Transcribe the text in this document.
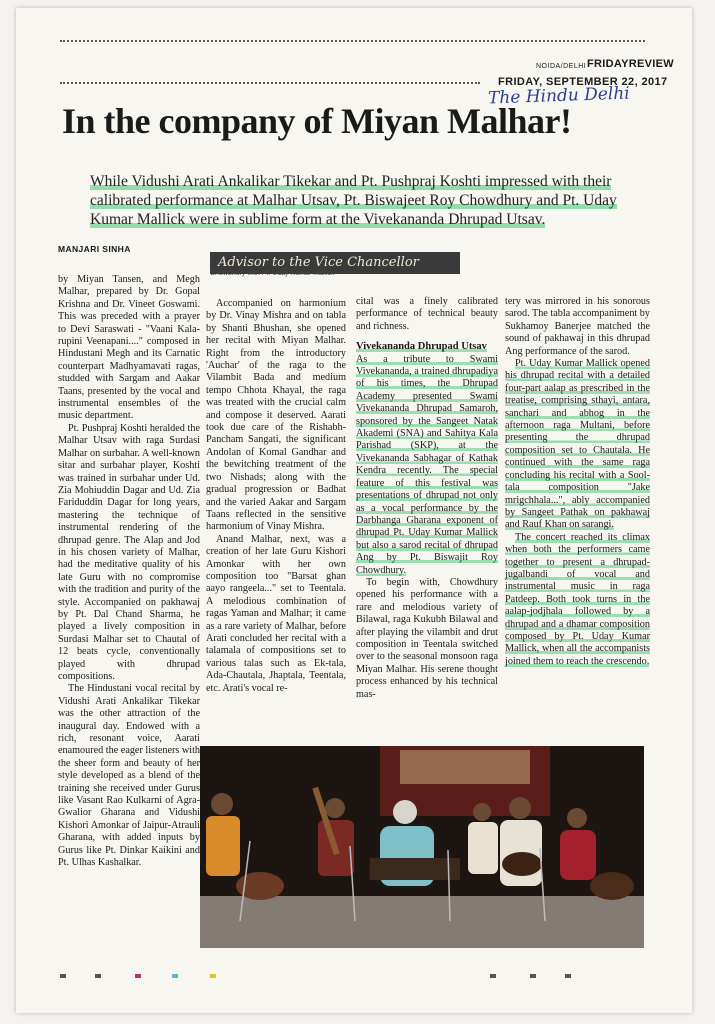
NOIDA/DELHI FRIDAYREVIEW
FRIDAY, SEPTEMBER 22, 2017
The Hindu Delhi
In the company of Miyan Malhar!
While Vidushi Arati Ankalikar Tikekar and Pt. Pushpraj Koshti impressed with their calibrated performance at Malhar Utsav, Pt. Biswajeet Roy Chowdhury and Pt. Uday Kumar Mallick were in sublime form at the Vivekananda Dhrupad Utsav.
MANJARI SINHA
Advisor to the Vice Chancellor
Chowdhury with Pt. Uday Kumar Mallick

by Miyan Tansen, and Megh Malhar, prepared by Dr. Gopal Krishna and Dr. Vineet Goswami. This was preceded with a prayer to Devi Saraswati - "Vaani Kala-rupini Veenapani...." composed in Hindustani Megh and its Carnatic counterpart Madhyamavati ragas, studded with Sargam and Aakar Taans, presented by the vocal and instrumental ensembles of the music department.

Pt. Pushpraj Koshti heralded the Malhar Utsav with raga Surdasi Malhar on surbahar. A well-known sitar and surbahar player, Koshti was trained in surbahar under Ud. Zia Mohiuddin Dagar and Ud. Zia Fariduddin Dagar for long years, mastering the technique of instrumental rendering of the dhrupad genre. The Alap and Jod in his chosen variety of Malhar, had the meditative quality of his late Guru with no compromise with the tradition and purity of the style. Accompanied on pakhawaj by Pt. Dal Chand Sharma, he played a lively composition in Surdasi Malhar set to Chautal of 12 beats cycle, conventionally played with dhrupad compositions.

The Hindustani vocal recital by Vidushi Arati Ankalikar Tikekar was the other attraction of the inaugural day. Endowed with a rich, resonant voice, Aarati enamoured the eager listeners with the sheer form and beauty of her style developed as a blend of the training she received under Gurus like Vasant Rao Kulkarni of Agra-Gwalior Gharana and Vidushi Kishori Amonkar of Jaipur-Atrauli Gharana, with added inputs by Gurus like Pt. Dinkar Kaikini and Pt. Ulhas Kashalkar.

Accompanied on harmonium by Dr. Vinay Mishra and on tabla by Shanti Bhushan, she opened her recital with Miyan Malhar. Right from the introductory 'Auchar' of the raga to the Vilambit Bada and medium tempo Chhota Khayal, the raga was treated with the crucial calm and compose it deserved. Aarati took due care of the Rishabh-Pancham Sangati, the significant Andolan of Komal Gandhar and the bewitching treatment of the two Nishads; along with the gradual progression or Badhat and the varied Aakar and Sargam Taans reflected in the sensitive harmonium of Vinay Mishra.

Anand Malhar, next, was a creation of her late Guru Kishori Amonkar with her own composition too "Barsat ghan aayo rangeela..." set to Teentala. A melodious combination of ragas Yaman and Malhar; it came as a rare variety of Malhar, before Arati concluded her recital with a talamala of compositions set to various talas such as Ek-tala, Ada-Chautala, Jhaptala, Teentala, etc. Arati's vocal re-

cital was a finely calibrated performance of technical beauty and richness.

Vivekananda Dhrupad Utsav

As a tribute to Swami Vivekananda, a trained dhrupadiya of his times, the Dhrupad Academy presented Swami Vivekananda Dhrupad Samaroh, sponsored by the Sangeet Natak Akademi (SNA) and Sahitya Kala Parishad (SKP), at the Vivekananda Sabhagar of Kathak Kendra recently. The special feature of this festival was presentations of dhrupad not only as a vocal performance by the Darbhanga Gharana exponent of dhrupad Pt. Uday Kumar Mallick but also a sarod recital of dhrupad Ang by Pt. Biswajit Roy Chowdhury.

To begin with, Chowdhury opened his performance with a rare and melodious variety of Bilawal, raga Kukubh Bilawal and after playing the vilambit and drut composition in Teentala switched over to the seasonal monsoon raga Miyan Malhar. His serene thought process enhanced by his technical mas-

tery was mirrored in his sonorous sarod. The tabla accompaniment by Sukhamoy Banerjee matched the sound of pakhawaj in this dhrupad Ang performance of the sarod.

Pt. Uday Kumar Mallick opened his dhrupad recital with a detailed four-part aalap as prescribed in the treatise, comprising sthayi, antara, sanchari and abhog in the afternoon raga Multani, before presenting the dhrupad composition set to Chautala. He continued with the same raga concluding his recital with a Sool-tala composition "Jake mrigchhala...", ably accompanied by Sangeet Pathak on pakhawaj and Rauf Khan on sarangi.

The concert reached its climax when both the performers came together to present a dhrupad-jugalbandi of vocal and instrumental music in raga Patdeep. Both took turns in the aalap-jodjhala followed by a dhrupad and a dhamar composition composed by Pt. Uday Kumar Mallick, when all the accompanists joined them to reach the crescendo.
